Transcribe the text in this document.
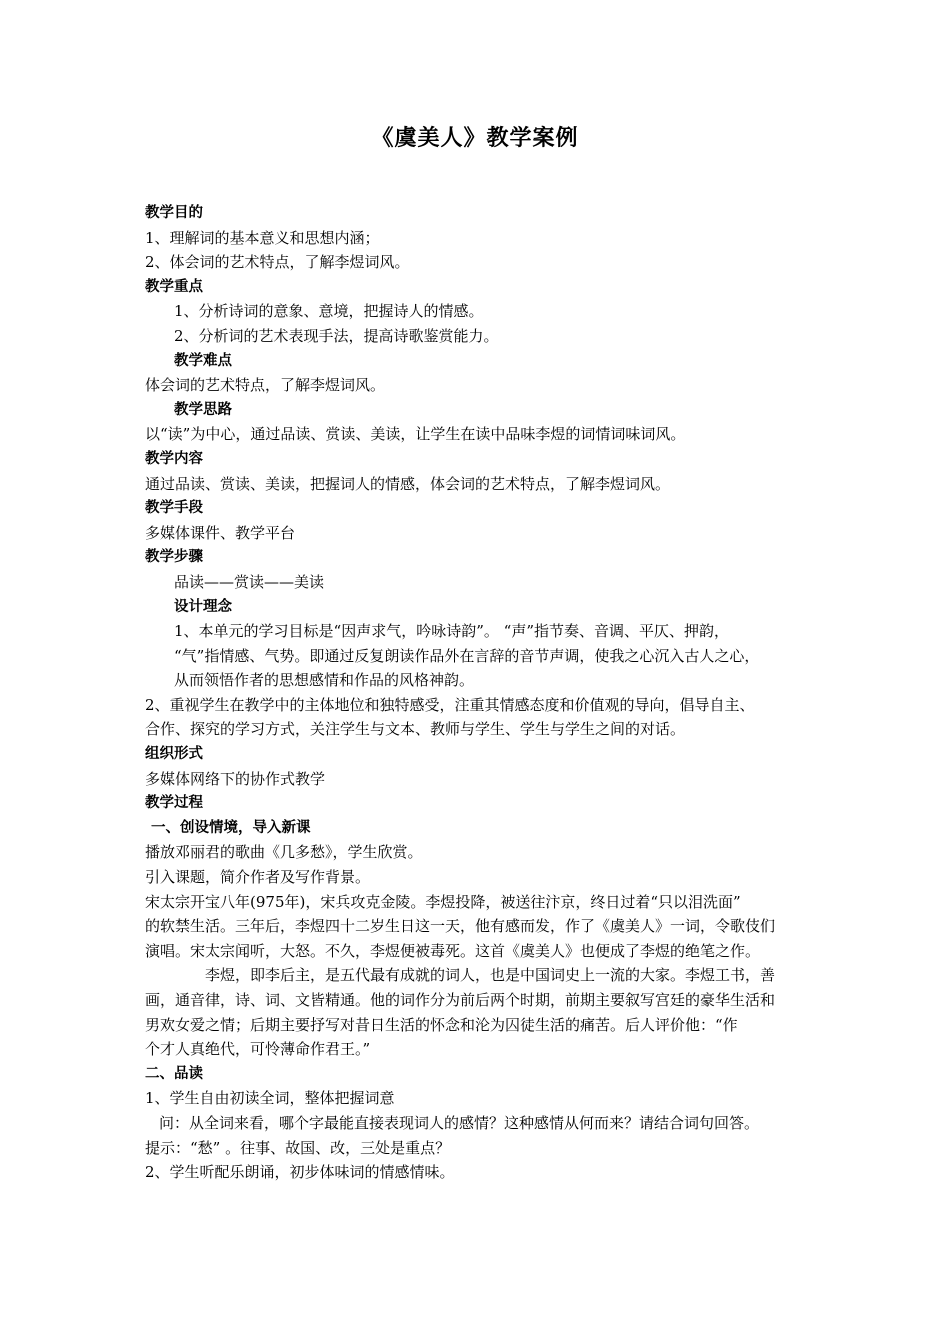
《虞美人》教学案例
教学目的
1、理解词的基本意义和思想内涵；
2、体会词的艺术特点，了解李煜词风。
教学重点
1、分析诗词的意象、意境，把握诗人的情感。
2、分析词的艺术表现手法，提高诗歌鉴赏能力。
教学难点
体会词的艺术特点，了解李煜词风。
教学思路
以“读”为中心，通过品读、赏读、美读，让学生在读中品味李煜的词情词味词风。
教学内容
通过品读、赏读、美读，把握词人的情感，体会词的艺术特点，了解李煜词风。
教学手段
多媒体课件、教学平台
教学步骤
品读——赏读——美读
设计理念
1、本单元的学习目标是“因声求气，吟咏诗韵”。 “声”指节奏、音调、平仄、押韵，
“气”指情感、气势。即通过反复朗读作品外在言辞的音节声调，使我之心沉入古人之心，
从而领悟作者的思想感情和作品的风格神韵。
2、重视学生在教学中的主体地位和独特感受，注重其情感态度和价值观的导向，倡导自主、
合作、探究的学习方式，关注学生与文本、教师与学生、学生与学生之间的对话。
组织形式
多媒体网络下的协作式教学
教学过程
一、创设情境，导入新课
播放邓丽君的歌曲《几多愁》，学生欣赏。
引入课题，简介作者及写作背景。
宋太宗开宝八年(975年)，宋兵攻克金陵。李煜投降，被送往汴京，终日过着“只以泪洗面”
的软禁生活。三年后，李煜四十二岁生日这一天，他有感而发，作了《虞美人》一词，令歌伎们
演唱。宋太宗闻听，大怒。不久，李煜便被毒死。这首《虞美人》也便成了李煜的绝笔之作。
李煜，即李后主，是五代最有成就的词人，也是中国词史上一流的大家。李煜工书，善
画，通音律，诗、词、文皆精通。他的词作分为前后两个时期，前期主要叙写宫廷的豪华生活和
男欢女爱之情；后期主要抒写对昔日生活的怀念和沦为囚徒生活的痛苦。后人评价他：“作
个才人真绝代，可怜薄命作君王。”
二、品读
1、学生自由初读全词，整体把握词意
问：从全词来看，哪个字最能直接表现词人的感情？这种感情从何而来？请结合词句回答。
提示：“愁” 。往事、故国、改，三处是重点？
2、学生听配乐朗诵，初步体味词的情感情味。
